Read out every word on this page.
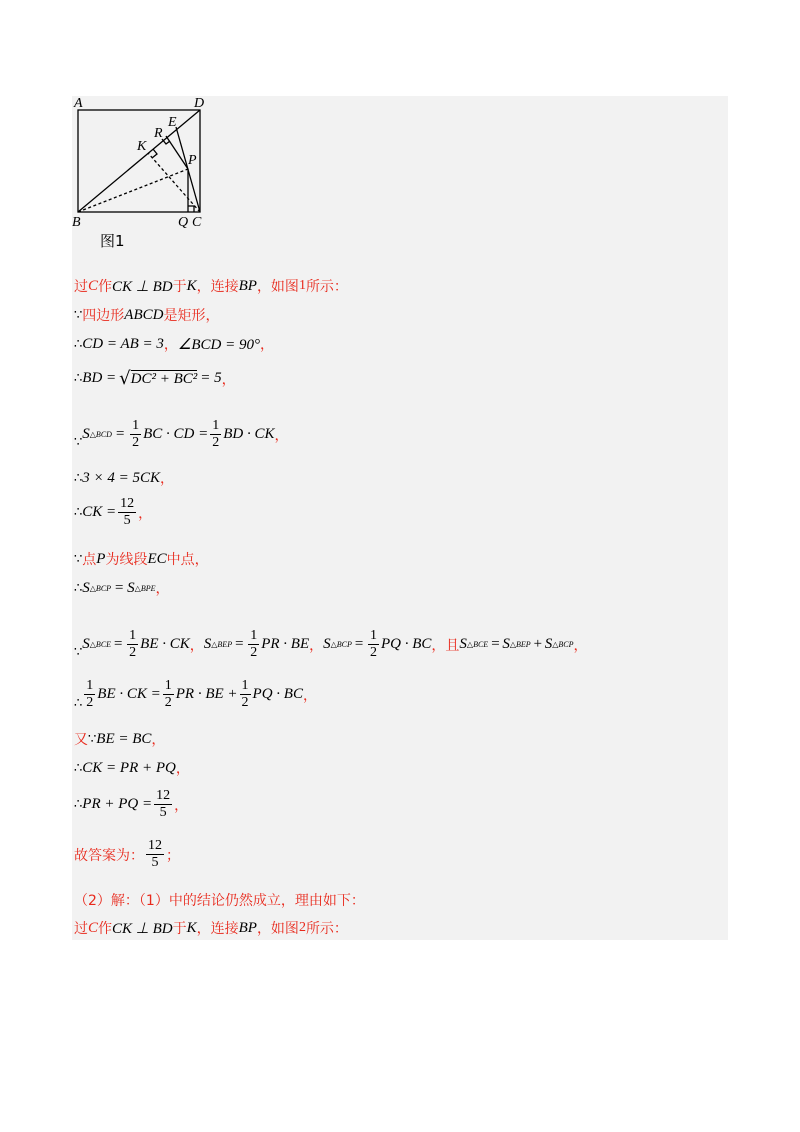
A	D
E
R
K
P
B	Q C
图1
过 C 作 CK ⊥ BD 于 K ，连接 BP ，如图 1 所示：
∵ 四边形 ABCD 是矩形，
∴ CD = AB = 3 ， ∠BCD = 90° ，
∴ BD = √ DC² + BC² = 5 ，
∵
S △BCD = $\frac{1}{2}$ BC · CD = $\frac{1}{2}$ BD · CK ，
∴ 3 × 4 = 5CK ，
∴ CK = $\frac{12}{5}$ ，
∵ 点 P 为线段 EC 中点，
∴ S △BCP = S △BPE ，
∵
S △BCE = $\frac{1}{2}$ BE · CK ， S △BEP = $\frac{1}{2}$ PR · BE ， S △BCP = $\frac{1}{2}$ PQ · BC ， 且 S △BCE = S △BEP + S △BCP ，
∴ $\frac{1}{2}$ BE · CK = $\frac{1}{2}$ PR · BE + $\frac{1}{2}$ PQ · BC ，
又 ∵ BE = BC ，
∴ CK = PR + PQ ，
∴ PR + PQ = $\frac{12}{5}$ ，
故答案为： $\frac{12}{5}$ ；
（2）解：（1）中的结论仍然成立，理由如下：
过 C 作 CK ⊥ BD 于 K ，连接 BP ，如图 2 所示：
